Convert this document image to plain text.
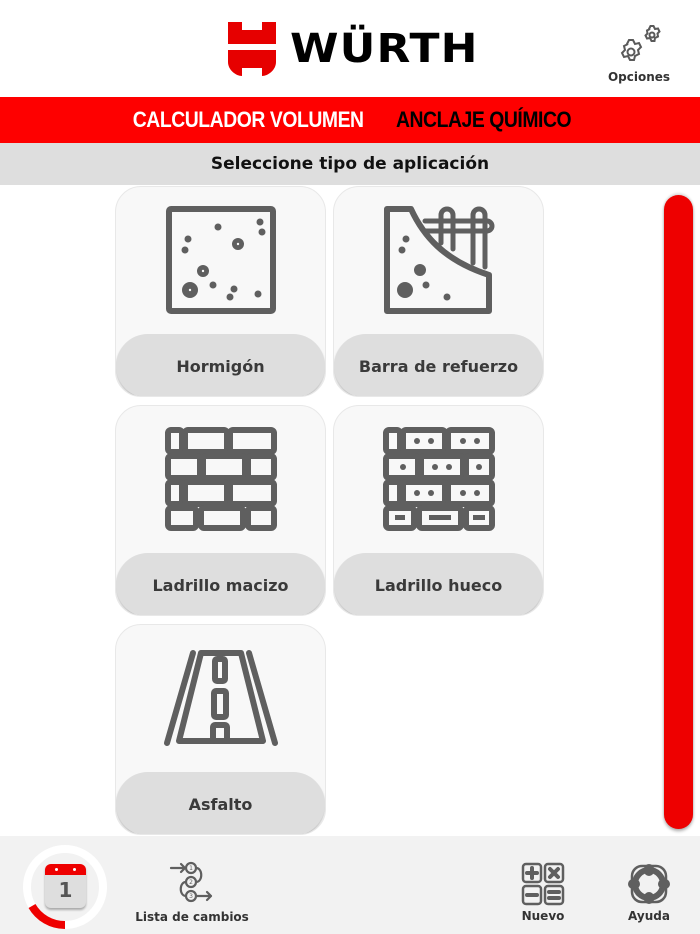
WÜRTH
Opciones
CALCULADOR VOLUMEN ANCLAJE QUÍMICO
Seleccione tipo de aplicación
Hormigón	Barra de refuerzo
Ladrillo macizo	Ladrillo hueco
Asfalto
1
1
2
3
Lista de cambios	Nuevo	Ayuda
